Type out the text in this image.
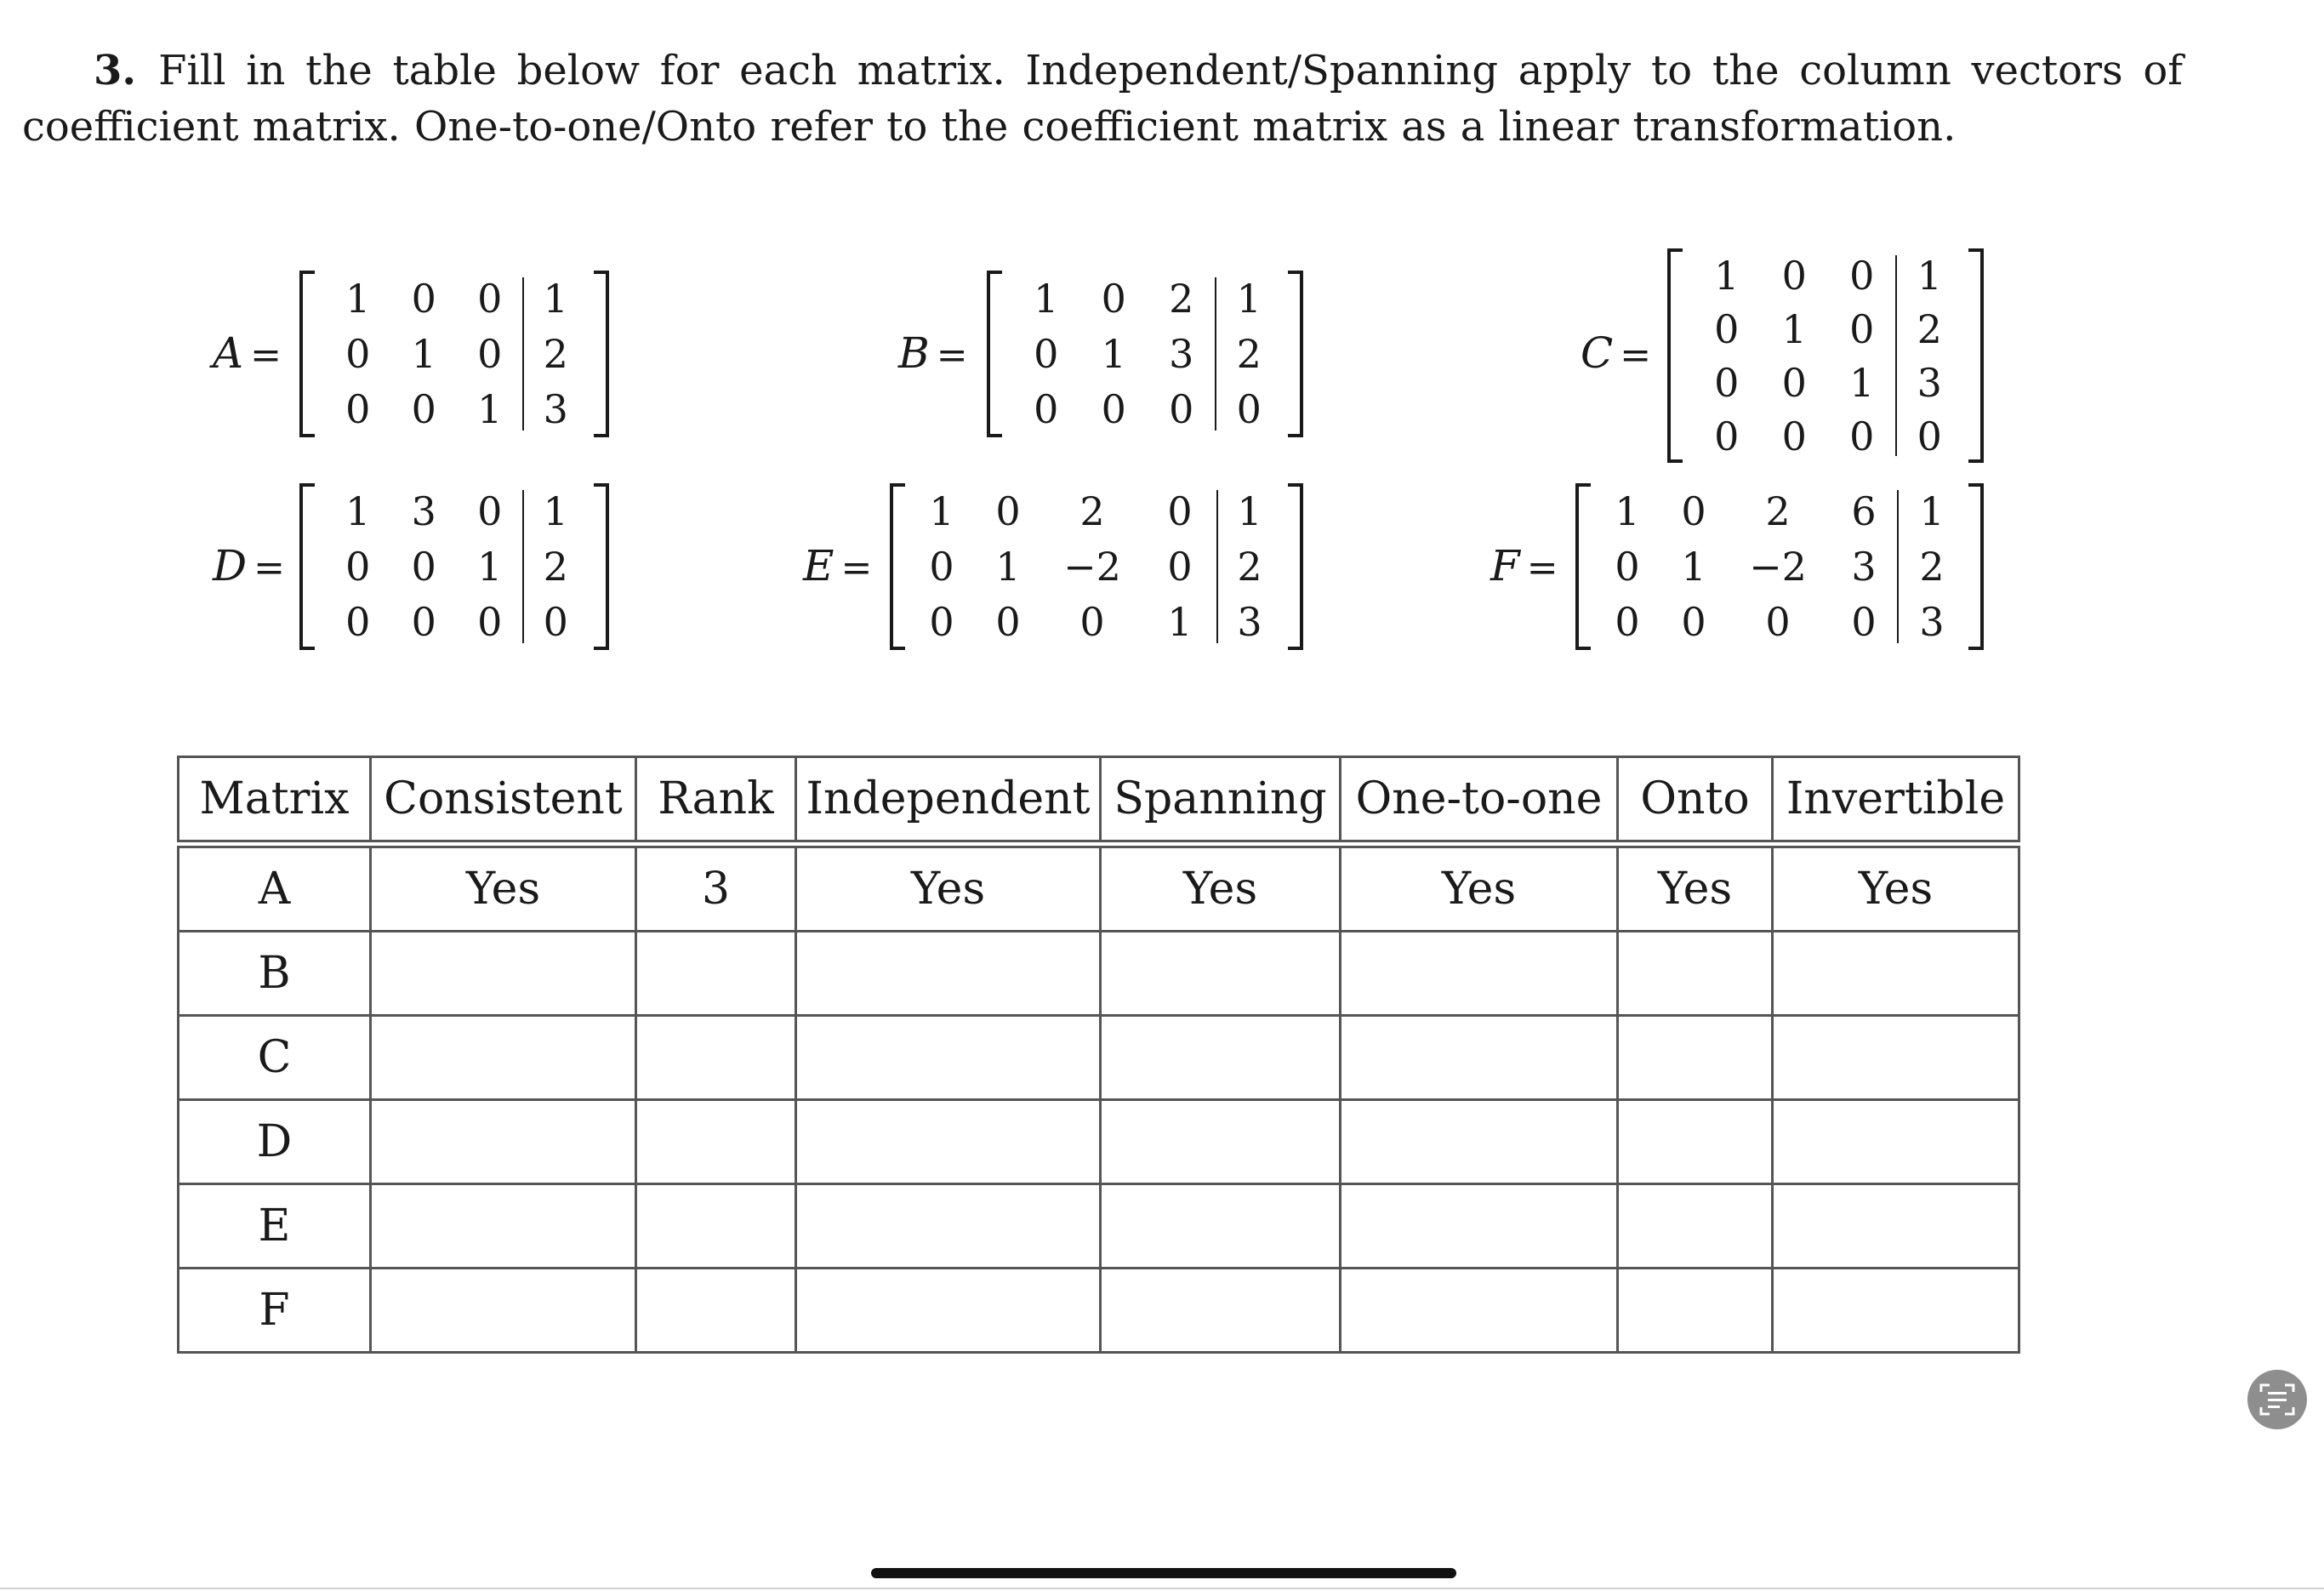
3. Fill in the table below for each matrix. Independent/Spanning apply to the column vectors of
coefficient matrix. One-to-one/Onto refer to the coefficient matrix as a linear transformation.
A =
1	0	0	1
0	1	0	2
0	0	1	3
B =
1	0	2	1
0	1	3	2
0	0	0	0
C =
1	0	0	1
0	1	0	2
0	0	1	3
0	0	0	0
D =
1	3	0	1
0	0	1	2
0	0	0	0
E =
1	0	2	0	1
0	1	−2	0	2
0	0	0	1	3
F =
1	0	2	6	1
0	1	−2	3	2
0	0	0	0	3
Matrix	Consistent	Rank	Independent	Spanning	One-to-one	Onto	Invertible
A	Yes	3	Yes	Yes	Yes	Yes	Yes
B							
C							
D							
E							
F							
